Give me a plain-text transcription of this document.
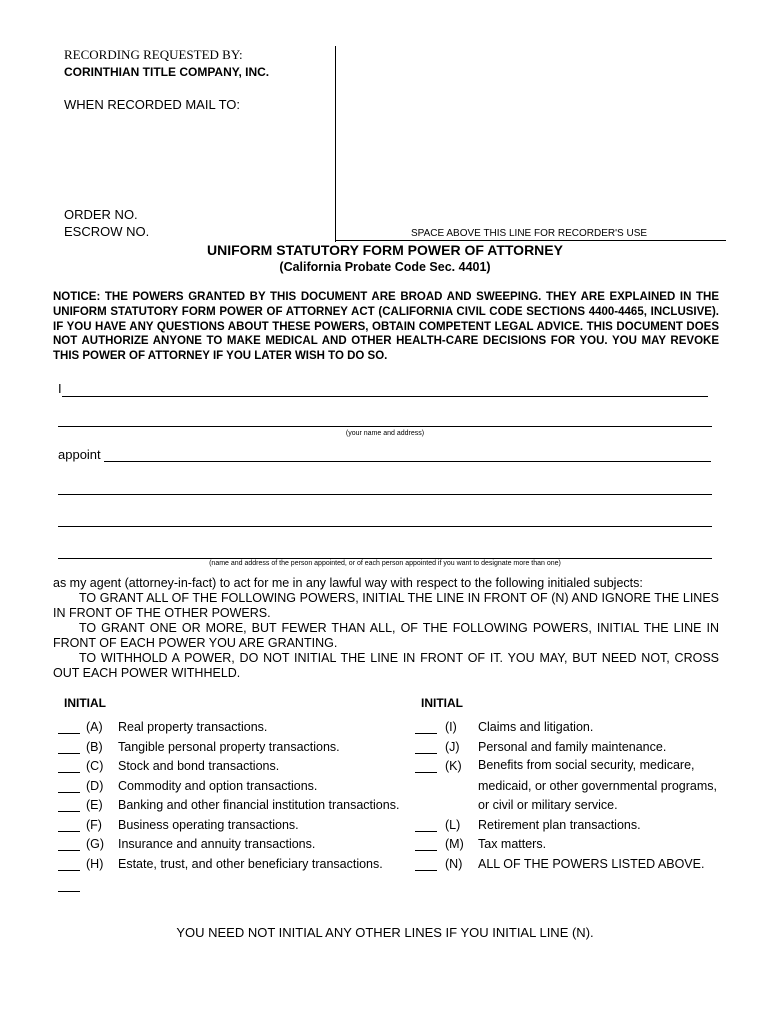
RECORDING REQUESTED BY:
CORINTHIAN TITLE COMPANY, INC.
WHEN RECORDED MAIL TO:
ORDER NO.
ESCROW NO.	SPACE ABOVE THIS LINE FOR RECORDER'S USE
UNIFORM STATUTORY FORM POWER OF ATTORNEY
(California Probate Code Sec. 4401)
NOTICE: THE POWERS GRANTED BY THIS DOCUMENT ARE BROAD AND SWEEPING. THEY ARE EXPLAINED IN THE UNIFORM STATUTORY FORM POWER OF ATTORNEY ACT (CALIFORNIA CIVIL CODE SECTIONS 4400-4465, INCLUSIVE). IF YOU HAVE ANY QUESTIONS ABOUT THESE POWERS, OBTAIN COMPETENT LEGAL ADVICE. THIS DOCUMENT DOES NOT AUTHORIZE ANYONE TO MAKE MEDICAL AND OTHER HEALTH-CARE DECISIONS FOR YOU. YOU MAY REVOKE THIS POWER OF ATTORNEY IF YOU LATER WISH TO DO SO.
I
(your name and address)
appoint
(name and address of the person appointed, or of each person appointed if you want to designate more than one)
as my agent (attorney-in-fact) to act for me in any lawful way with respect to the following initialed subjects:
TO GRANT ALL OF THE FOLLOWING POWERS, INITIAL THE LINE IN FRONT OF (N) AND IGNORE THE LINES IN FRONT OF THE OTHER POWERS.
TO GRANT ONE OR MORE, BUT FEWER THAN ALL, OF THE FOLLOWING POWERS, INITIAL THE LINE IN FRONT OF EACH POWER YOU ARE GRANTING.
TO WITHHOLD A POWER, DO NOT INITIAL THE LINE IN FRONT OF IT. YOU MAY, BUT NEED NOT, CROSS OUT EACH POWER WITHHELD.
INITIAL	INITIAL
(A) Real property transactions.
(B) Tangible personal property transactions.
(C) Stock and bond transactions.
(D) Commodity and option transactions.
(E) Banking and other financial institution transactions.
(F) Business operating transactions.
(G) Insurance and annuity transactions.
(H) Estate, trust, and other beneficiary transactions.
(I) Claims and litigation.
(J) Personal and family maintenance.
(K) Benefits from social security, medicare,
medicaid, or other governmental programs,
or civil or military service.
(L) Retirement plan transactions.
(M) Tax matters.
(N) ALL OF THE POWERS LISTED ABOVE.
YOU NEED NOT INITIAL ANY OTHER LINES IF YOU INITIAL LINE (N).
